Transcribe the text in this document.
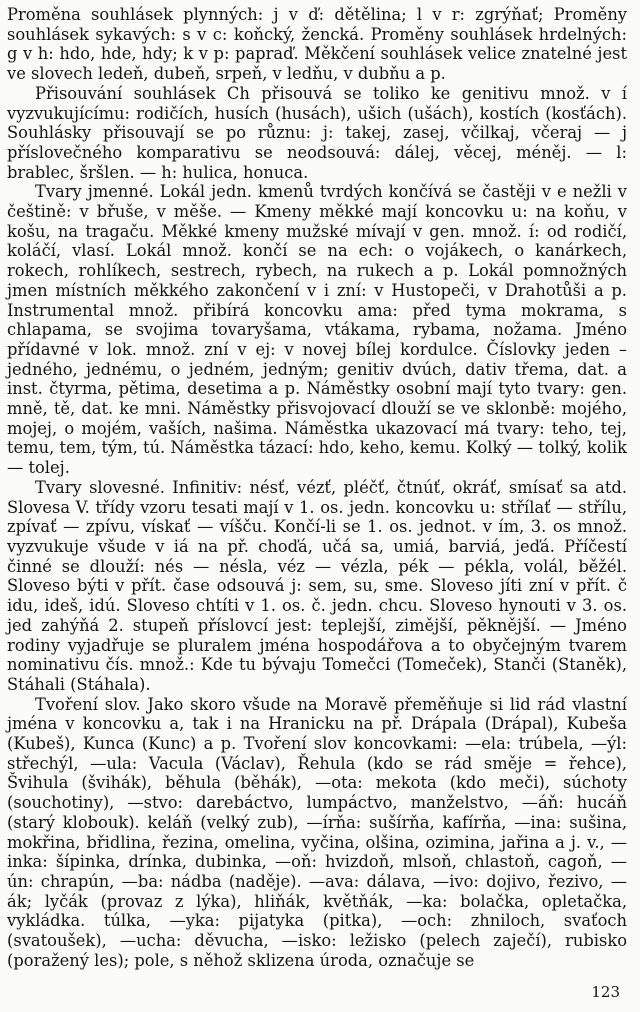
Proměna souhlásek plynných: j v ď: dětělina; l v r: zgrýňať; Proměny souhlásek sykavých: s v c: koňcký, žencká. Proměny souhlásek hrdelných: g v h: hdo, hde, hdy; k v p: papraď. Měkčení souhlásek velice znatelné jest ve slovech ledeň, dubeň, srpeň, v ledňu, v dubňu a p.

Přisouvání souhlásek Ch přisouvá se toliko ke genitivu množ. v í vyzvukujícímu: rodičích, husích (husách), ušich (ušách), kostích (kosťách). Souhlásky přisouvají se po různu: j: takej, zasej, včilkaj, včeraj — j příslovečného komparativu se neodsouvá: dálej, věcej, méněj. — l: brablec, šršlen. — h: hulica, honuca.

Tvary jmenné. Lokál jedn. kmenů tvrdých končívá se častěji v e nežli v češtině: v břuše, v měše. — Kmeny měkké mají koncovku u: na koňu, v košu, na tragaču. Měkké kmeny mužské mívají v gen. množ. í: od rodičí, koláčí, vlasí. Lokál množ. končí se na ech: o vojákech, o kanárkech, rokech, rohlíkech, sestrech, rybech, na rukech a p. Lokál pomnožných jmen místních měkkého zakončení v i zní: v Hustopeči, v Drahotůši a p. Instrumental množ. přibírá koncovku ama: před tyma mokrama, s chlapama, se svojima tovaryšama, vtákama, rybama, nožama. Jméno přídavné v lok. množ. zní v ej: v novej bílej kordulce. Číslovky jeden – jedného, jednému, o jedném, jedným; genitiv dvúch, dativ třema, dat. a inst. čtyrma, pětima, desetima a p. Náměstky osobní mají tyto tvary: gen. mně, tě, dat. ke mni. Náměstky přisvojovací dlouží se ve sklonbě: mojého, mojej, o mojém, vaších, našima. Náměstka ukazovací má tvary: teho, tej, temu, tem, tým, tú. Náměstka tázací: hdo, keho, kemu. Kolký — tolký, kolik — tolej.

Tvary slovesné. Infinitiv: nésť, vézť, pléčť, čtnúť, okráť, smísať sa atd. Slovesa V. třídy vzoru tesati mají v 1. os. jedn. koncovku u: střílať — střílu, zpívať — zpívu, vískať — víšču. Končí-li se 1. os. jednot. v ím, 3. os množ. vyzvukuje všude v iá na př. choďá, učá sa, umiá, barviá, jeďá. Příčestí činné se dlouží: nés — nésla, véz — vézla, pék — pékla, volál, běžél. Sloveso býti v přít. čase odsouvá j: sem, su, sme. Sloveso jíti zní v přít. č idu, ideš, idú. Sloveso chtíti v 1. os. č. jedn. chcu. Sloveso hynouti v 3. os. jed zahýňá 2. stupeň příslovcí jest: teplejší, zimější, pěknější. — Jméno rodiny vyjadřuje se pluralem jména hospodářova a to obyčejným tvarem nominativu čís. množ.: Kde tu bývaju Tomečci (Tomeček), Stanči (Staněk), Stáhali (Stáhala).

Tvoření slov. Jako skoro všude na Moravě přeměňuje si lid rád vlastní jména v koncovku a, tak i na Hranicku na př. Drápala (Drápal), Kubeša (Kubeš), Kunca (Kunc) a p. Tvoření slov koncovkami: —ela: trúbela, —ýl: střechýl, —ula: Vacula (Václav), Řehula (kdo se rád směje = řehce), Švihula (švihák), běhula (běhák), —ota: mekota (kdo meči), súchoty (souchotiny), —stvo: darebáctvo, lumpáctvo, manželstvo, —áň: hucáň (starý klobouk). keláň (velký zub), —írňa: sušírňa, kafírňa, —ina: sušina, mokřina, břidlina, řezina, omelina, vyčina, olšina, ozimina, jařina a j. v., —inka: šípinka, drínka, dubinka, —oň: hvizdoň, mlsoň, chlastoň, cagoň, —ún: chrapún, —ba: nádba (naděje). —ava: dálava, —ivo: dojivo, řezivo, —ák; lyčák (provaz z lýka), hliňák, květňák, —ka: bolačka, opletačka, vykládka. túlka, —yka: pijatyka (pitka), —och: zhniloch, svaťoch (svatoušek), —ucha: děvucha, —isko: ležisko (pelech zaječí), rubisko (poražený les); pole, s něhož sklizena úroda, označuje se

123
